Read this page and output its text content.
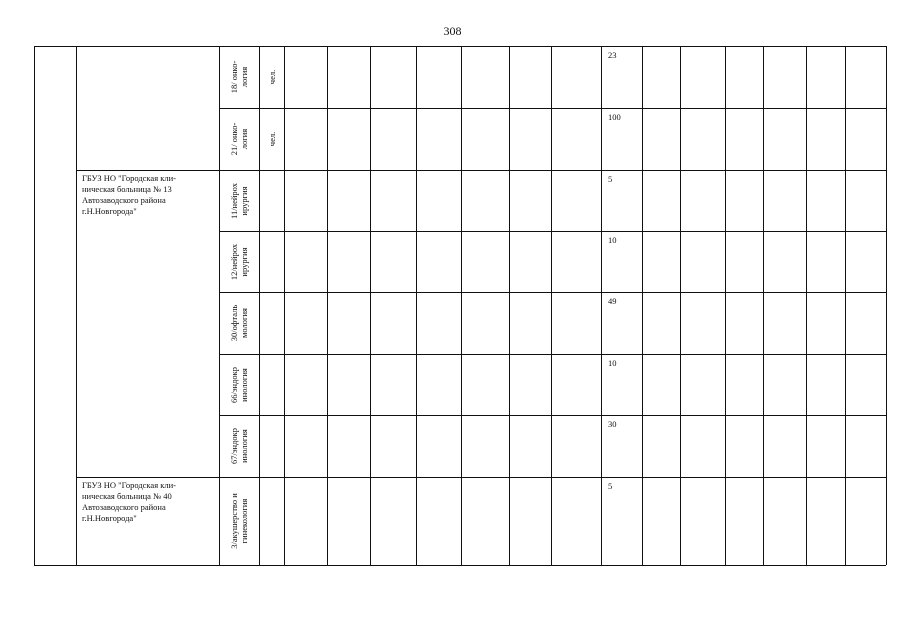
308
ГБУЗ НО "Городская кли-
ническая больница № 13
Автозаводского района
г.Н.Новгорода"
ГБУЗ НО "Городская кли-
ническая больница № 40
Автозаводского района
г.Н.Новгорода"
18/ онко-
логия чел.
23
21/ онко-
логия чел.
100
11/нейрох
ирургия
5
12/нейрох
ирургия
10
30/офталь
мология
49
66/эндокр
инология
10
67/эндокр
инология
30
3/акушерство и
гинекология
5
